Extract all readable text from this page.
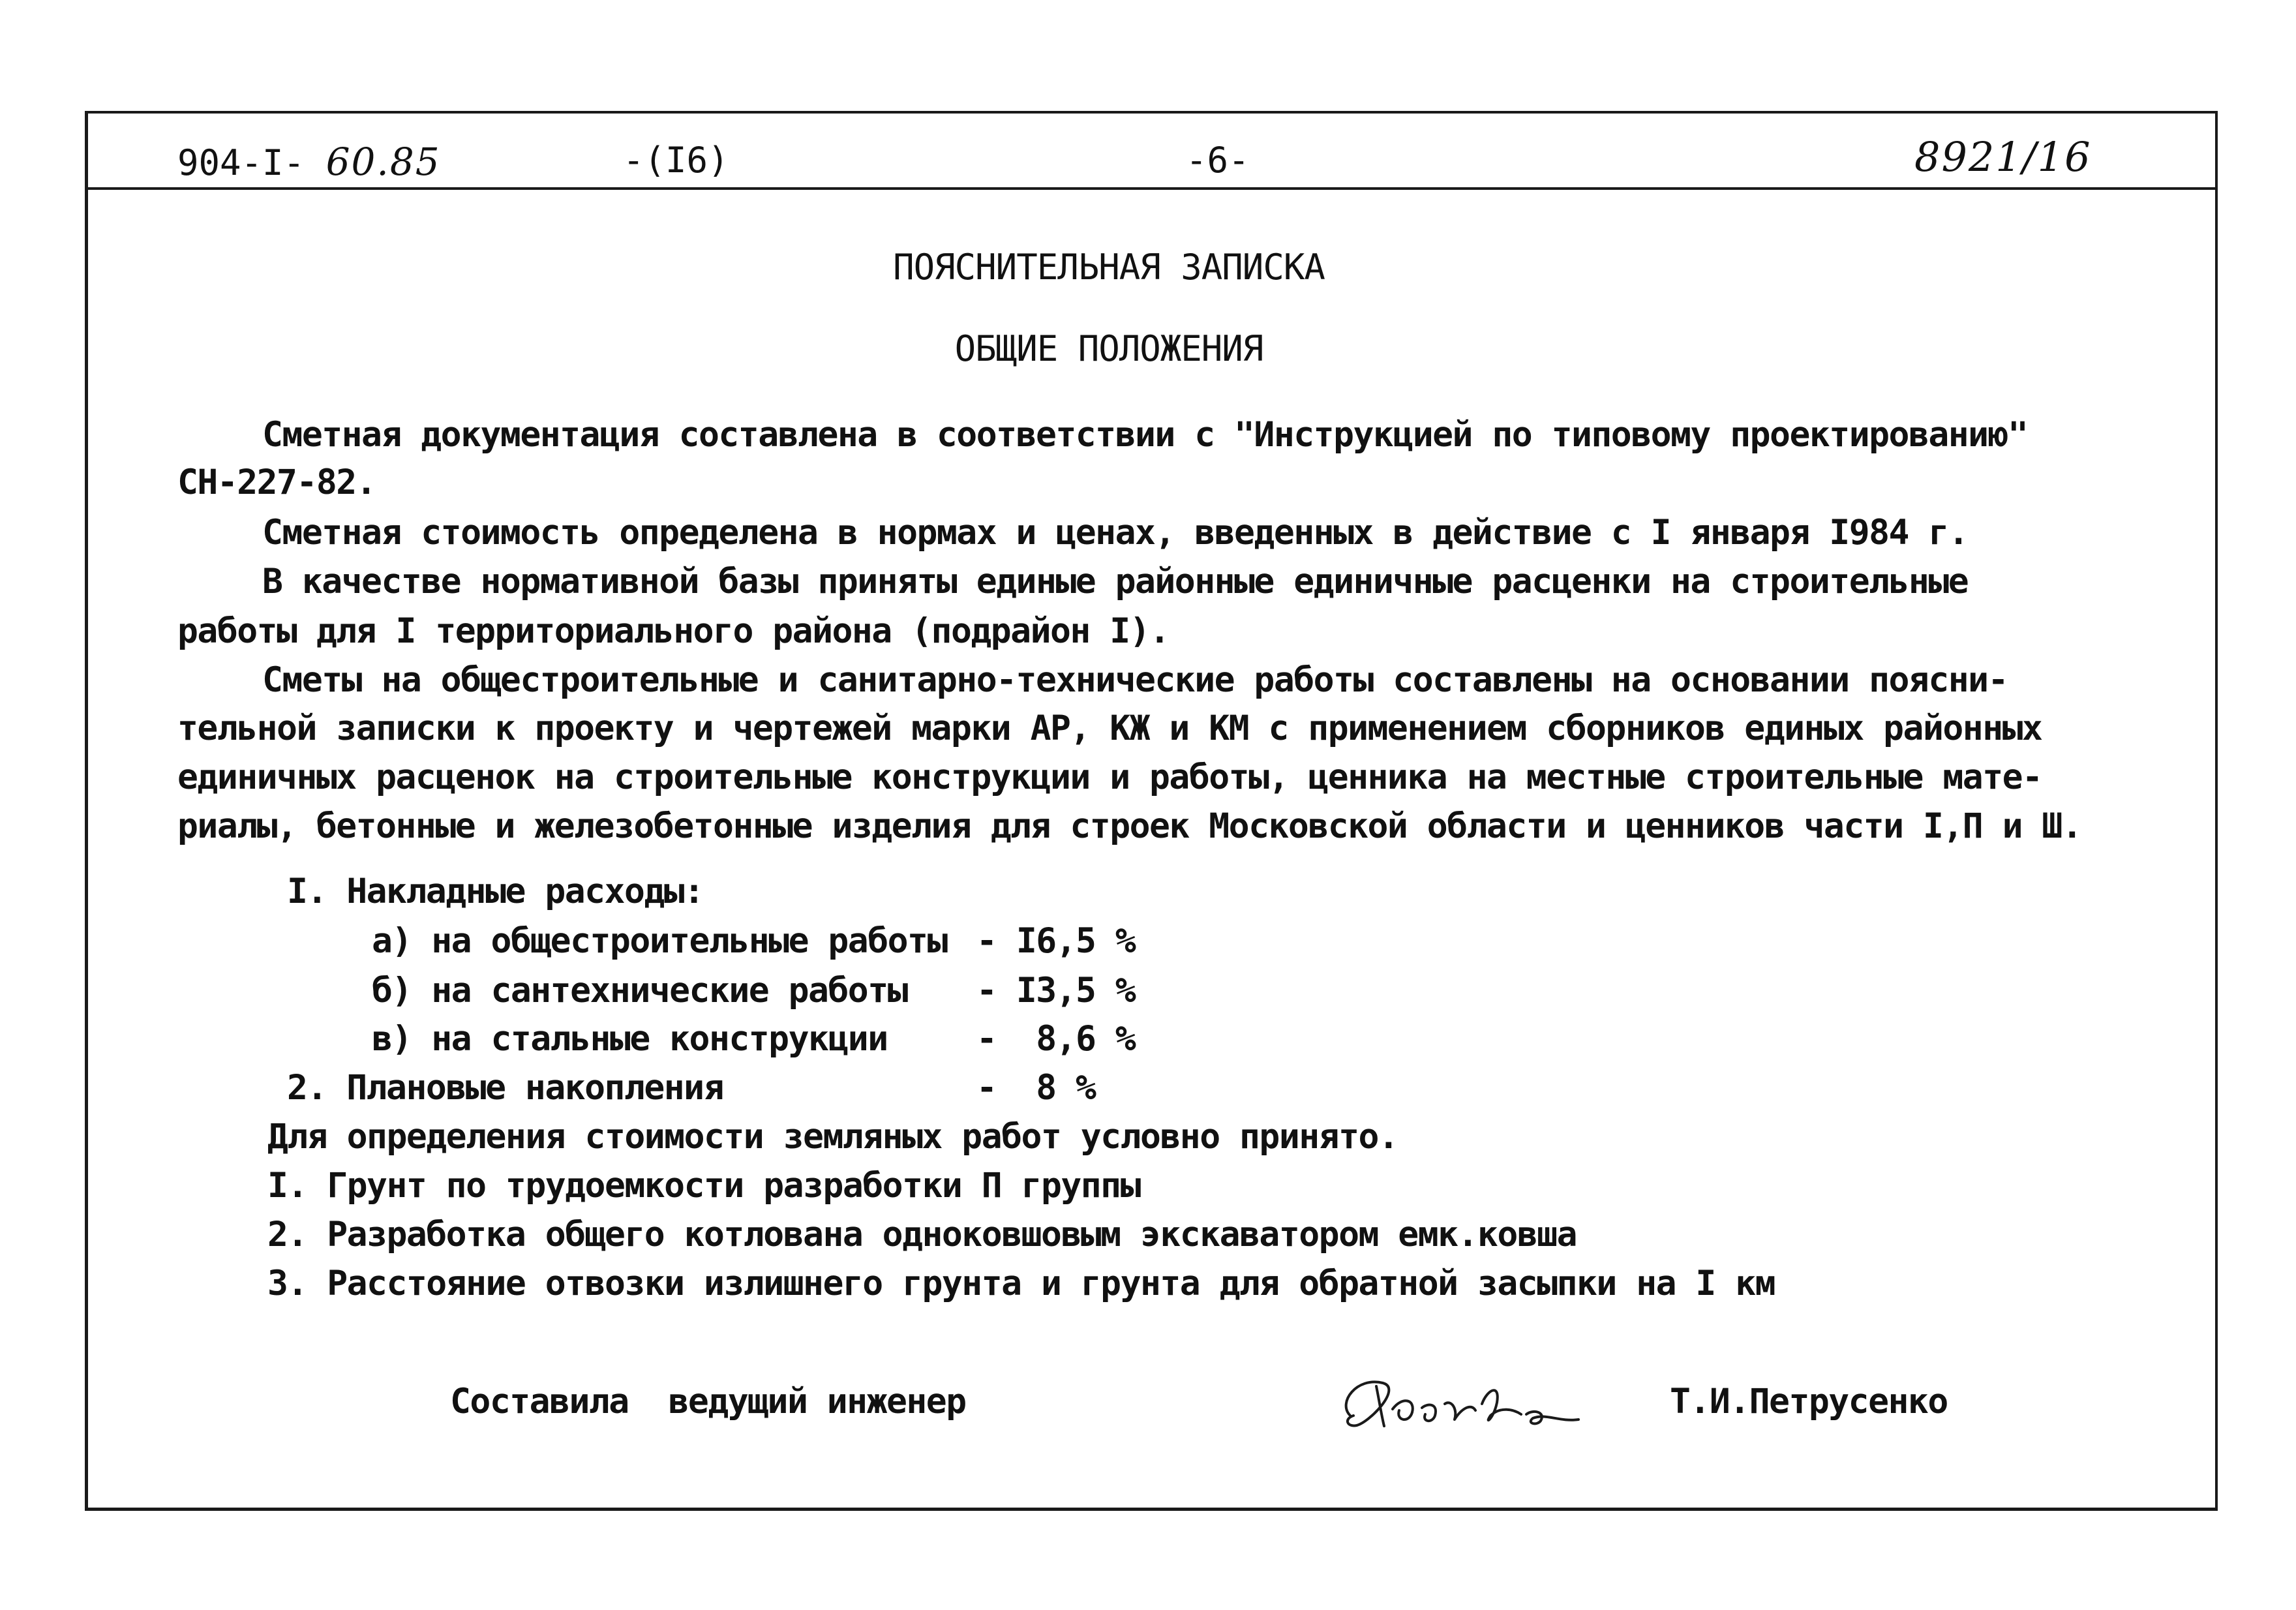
904-I- 60.85	-(I6)	-6-	8921/16
ПОЯСНИТЕЛЬНАЯ ЗАПИСКА
ОБЩИЕ ПОЛОЖЕНИЯ
Сметная документация составлена в соответствии с "Инструкцией по типовому проектированию"
СН-227-82.
Сметная стоимость определена в нормах и ценах, введенных в действие с I января I984 г.
В качестве нормативной базы приняты единые районные единичные расценки на строительные
работы для I территориального района (подрайон I).
Сметы на общестроительные и санитарно-технические работы составлены на основании поясни-
тельной записки к проекту и чертежей марки АР, КЖ и КМ с применением сборников единых районных
единичных расценок на строительные конструкции и работы, ценника на местные строительные мате-
риалы, бетонные и железобетонные изделия для строек Московской области и ценников части I,П и Ш.
I. Накладные расходы:
а) на общестроительные работы - I6,5 %
б) на сантехнические работы - I3,5 %
в) на стальные конструкции	-  8,6 %
2. Плановые накопления	-  8 %
Для определения стоимости земляных работ условно принято.
I. Грунт по трудоемкости разработки П группы
2. Разработка общего котлована одноковшовым экскаватором емк.ковша
3. Расстояние отвозки излишнего грунта и грунта для обратной засыпки на I км
Составила  ведущий инженер	Т.И.Петрусенко
